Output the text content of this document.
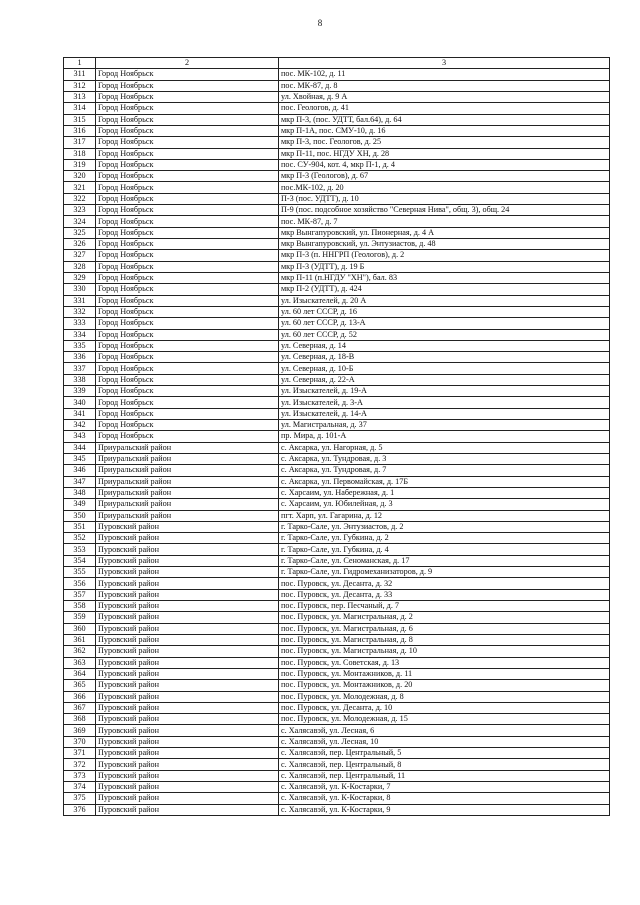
8
1	2	3
311	Город Ноябрьск	пос. МК-102, д. 11
312	Город Ноябрьск	пос. МК-87, д. 8
313	Город Ноябрьск	ул. Хвойная, д. 9 А
314	Город Ноябрьск	пос. Геологов, д. 41
315	Город Ноябрьск	мкр П-3, (пос. УДТТ, бал.64), д. 64
316	Город Ноябрьск	мкр П-1А, пос. СМУ-10, д. 16
317	Город Ноябрьск	мкр П-3, пос. Геологов, д. 25
318	Город Ноябрьск	мкр П-11, пос. НГДУ ХН, д. 28
319	Город Ноябрьск	пос. СУ-904, кот. 4, мкр П-1, д. 4
320	Город Ноябрьск	мкр П-3 (Геологов), д. 67
321	Город Ноябрьск	пос.МК-102, д. 20
322	Город Ноябрьск	П-3 (пос. УДТТ), д. 10
323	Город Ноябрьск	П-9 (пос. подсобное хозяйство "Северная Нива", общ. 3), общ. 24
324	Город Ноябрьск	пос. МК-87, д. 7
325	Город Ноябрьск	мкр Вынгапуровский, ул. Пионерная, д. 4 А
326	Город Ноябрьск	мкр Вынгапуровский, ул. Энтузиастов, д. 48
327	Город Ноябрьск	мкр П-3 (п. ННГРП (Геологов), д. 2
328	Город Ноябрьск	мкр П-3 (УДТТ), д. 19 Б
329	Город Ноябрьск	мкр П-11 (п.НГДУ "ХН"), бал. 83
330	Город Ноябрьск	мкр П-2 (УДТТ), д. 424
331	Город Ноябрьск	ул. Изыскателей, д. 20 А
332	Город Ноябрьск	ул. 60 лет СССР, д. 16
333	Город Ноябрьск	ул. 60 лет СССР, д. 13-А
334	Город Ноябрьск	ул. 60 лет СССР, д. 52
335	Город Ноябрьск	ул. Северная, д. 14
336	Город Ноябрьск	ул. Северная, д. 18-В
337	Город Ноябрьск	ул. Северная, д. 10-Б
338	Город Ноябрьск	ул. Северная, д. 22-А
339	Город Ноябрьск	ул. Изыскателей, д. 19-А
340	Город Ноябрьск	ул. Изыскателей, д. 3-А
341	Город Ноябрьск	ул. Изыскателей, д. 14-А
342	Город Ноябрьск	ул. Магистральная, д. 37
343	Город Ноябрьск	пр. Мира, д. 101-А
344	Приуральский район	с. Аксарка, ул. Нагорная, д. 5
345	Приуральский район	с. Аксарка, ул. Тундровая, д. 3
346	Приуральский район	с. Аксарка, ул. Тундровая, д. 7
347	Приуральский район	с. Аксарка, ул. Первомайская, д. 17Б
348	Приуральский район	с. Харсаим, ул. Набережная, д. 1
349	Приуральский район	с. Харсаим, ул. Юбилейная, д. 3
350	Приуральский район	пгт. Харп, ул. Гагарина, д. 12
351	Пуровский район	г. Тарко-Сале, ул. Энтузиастов, д. 2
352	Пуровский район	г. Тарко-Сале, ул. Губкина, д. 2
353	Пуровский район	г. Тарко-Сале, ул. Губкина, д. 4
354	Пуровский район	г. Тарко-Сале, ул. Сеноманская, д. 17
355	Пуровский район	г. Тарко-Сале, ул. Гидромеханизаторов, д. 9
356	Пуровский район	пос. Пуровск, ул. Десанта, д. 32
357	Пуровский район	пос. Пуровск, ул. Десанта, д. 33
358	Пуровский район	пос. Пуровск, пер. Песчаный, д. 7
359	Пуровский район	пос. Пуровск, ул. Магистральная, д. 2
360	Пуровский район	пос. Пуровск, ул. Магистральная, д. 6
361	Пуровский район	пос. Пуровск, ул. Магистральная, д. 8
362	Пуровский район	пос. Пуровск, ул. Магистральная, д. 10
363	Пуровский район	пос. Пуровск, ул. Советская, д. 13
364	Пуровский район	пос. Пуровск, ул. Монтажников, д. 11
365	Пуровский район	пос. Пуровск, ул. Монтажников, д. 20
366	Пуровский район	пос. Пуровск, ул. Молодежная, д. 8
367	Пуровский район	пос. Пуровск, ул. Десанта, д. 10
368	Пуровский район	пос. Пуровск, ул. Молодежная, д. 15
369	Пуровский район	с. Халясавэй, ул. Лесная, 6
370	Пуровский район	с. Халясавэй, ул. Лесная, 10
371	Пуровский район	с. Халясавэй, пер. Центральный, 5
372	Пуровский район	с. Халясавэй, пер. Центральный, 8
373	Пуровский район	с. Халясавэй, пер. Центральный, 11
374	Пуровский район	с. Халясавэй, ул. К-Костарки, 7
375	Пуровский район	с. Халясавэй, ул. К-Костарки, 8
376	Пуровский район	с. Халясавэй, ул. К-Костарки, 9
